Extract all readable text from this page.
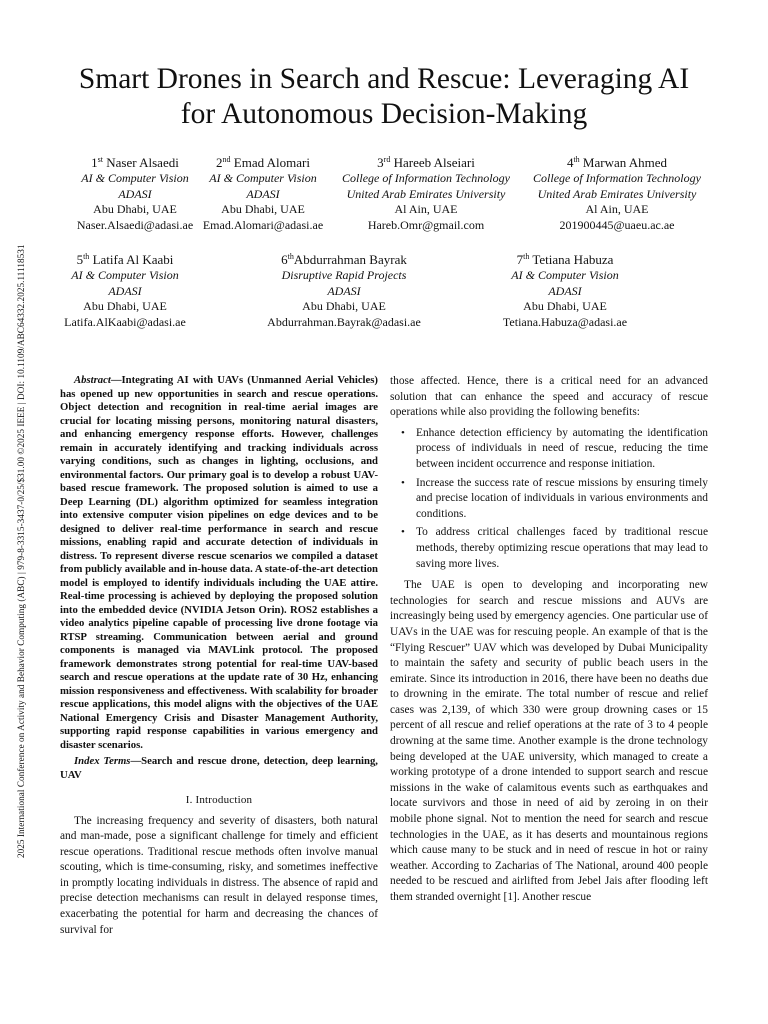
2025 International Conference on Activity and Behavior Computing (ABC) | 979-8-3315-3437-0/25/$31.00 ©2025 IEEE | DOI: 10.1109/ABC64332.2025.11118531
Smart Drones in Search and Rescue: Leveraging AI
for Autonomous Decision-Making
1st Naser Alsaedi
AI & Computer Vision
ADASI
Abu Dhabi, UAE
Naser.Alsaedi@adasi.ae
2nd Emad Alomari
AI & Computer Vision
ADASI
Abu Dhabi, UAE
Emad.Alomari@adasi.ae
3rd Hareeb Alseiari
College of Information Technology
United Arab Emirates University
Al Ain, UAE
Hareb.Omr@gmail.com
4th Marwan Ahmed
College of Information Technology
United Arab Emirates University
Al Ain, UAE
201900445@uaeu.ac.ae
5th Latifa Al Kaabi
AI & Computer Vision
ADASI
Abu Dhabi, UAE
Latifa.AlKaabi@adasi.ae
6thAbdurrahman Bayrak
Disruptive Rapid Projects
ADASI
Abu Dhabi, UAE
Abdurrahman.Bayrak@adasi.ae
7th Tetiana Habuza
AI & Computer Vision
ADASI
Abu Dhabi, UAE
Tetiana.Habuza@adasi.ae

Abstract—Integrating AI with UAVs (Unmanned Aerial Vehicles) has opened up new opportunities in search and rescue operations. Object detection and recognition in real-time aerial images are crucial for locating missing persons, monitoring natural disasters, and enhancing emergency response efforts. However, challenges remain in accurately identifying and tracking individuals across varying conditions, such as changes in lighting, occlusions, and environmental factors. Our primary goal is to develop a robust UAV-based rescue framework. The proposed solution is aimed to use a Deep Learning (DL) algorithm optimized for seamless integration into extensive computer vision pipelines on edge devices and to be designed to deliver real-time performance in search and rescue missions, enabling rapid and accurate detection of individuals in distress. To represent diverse rescue scenarios we compiled a dataset from publicly available and in-house data. A state-of-the-art detection model is employed to identify individuals including the UAE attire. Real-time processing is achieved by deploying the proposed solution into the embedded device (NVIDIA Jetson Orin). ROS2 establishes a video analytics pipeline capable of processing live drone footage via RTSP streaming. Communication between aerial and ground components is managed via MAVLink protocol. The proposed framework demonstrates strong potential for real-time UAV-based search and rescue operations at the update rate of 30 Hz, enhancing mission responsiveness and effectiveness. With scalability for broader rescue applications, this model aligns with the objectives of the UAE National Emergency Crisis and Disaster Management Authority, supporting rapid response capabilities in various emergency and disaster scenarios.

Index Terms—Search and rescue drone, detection, deep learning, UAV
I. Introduction

The increasing frequency and severity of disasters, both natural and man-made, pose a significant challenge for timely and efficient rescue operations. Traditional rescue methods often involve manual scouting, which is time-consuming, risky, and sometimes ineffective in promptly locating individuals in distress. The absence of rapid and precise detection mechanisms can result in delayed response times, exacerbating the potential for harm and decreasing the chances of survival for

those affected. Hence, there is a critical need for an advanced solution that can enhance the speed and accuracy of rescue operations while also providing the following benefits:

• Enhance detection efficiency by automating the identification process of individuals in need of rescue, reducing the time between incident occurrence and response initiation.
• Increase the success rate of rescue missions by ensuring timely and precise location of individuals in various environments and conditions.
• To address critical challenges faced by traditional rescue methods, thereby optimizing rescue operations that may lead to saving more lives.

The UAE is open to developing and incorporating new technologies for search and rescue missions and AUVs are increasingly being used by emergency agencies. One particular use of UAVs in the UAE was for rescuing people. An example of that is the “Flying Rescuer” UAV which was developed by Dubai Municipality to maintain the safety and security of public beach users in the emirate. Since its introduction in 2016, there have been no deaths due to drowning in the emirate. The total number of rescue and relief cases was 2,139, of which 330 were group drowning cases or 15 percent of all rescue and relief operations at the rate of 3 to 4 people drowning at the same time. Another example is the drone technology being developed at the UAE university, which managed to create a working prototype of a drone intended to support search and rescue missions in the wake of calamitous events such as earthquakes and locate survivors and those in need of aid by zeroing in on their mobile phone signal. Not to mention the need for search and rescue technologies in the UAE, as it has deserts and mountainous regions which cause many to be stuck and in need of rescue in hot or rainy weather. According to Zacharias of The National, around 400 people needed to be rescued and airlifted from Jebel Jais after flooding left them stranded overnight [1]. Another rescue
